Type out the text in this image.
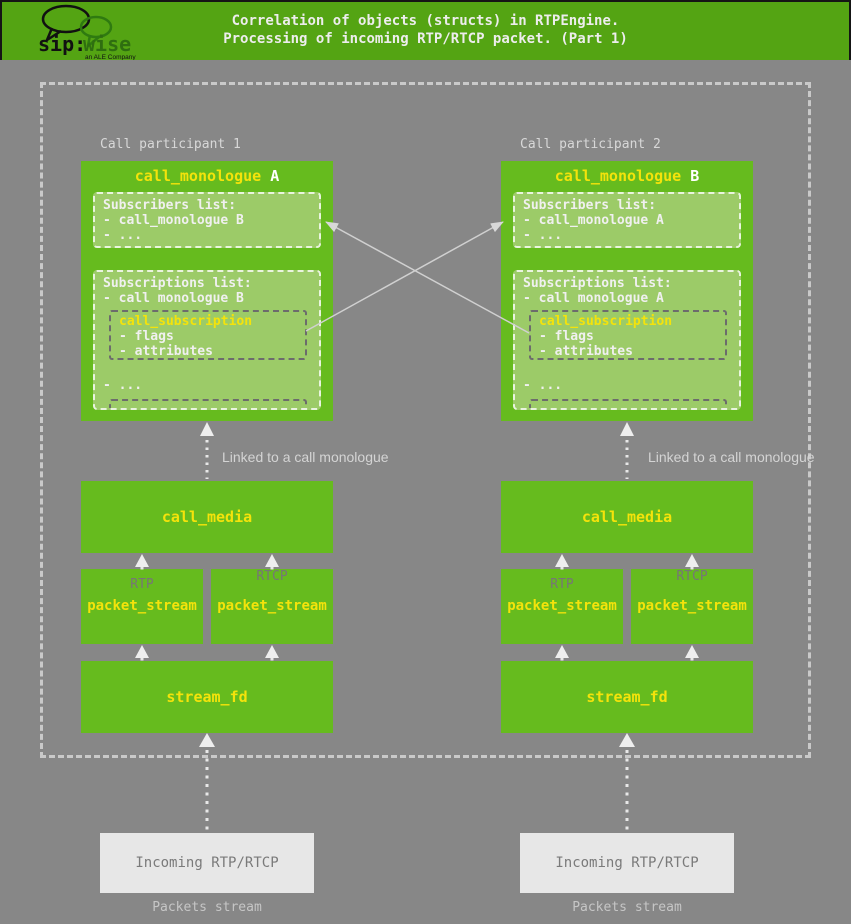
sip:
wise
an ALE Company
Correlation of objects (structs) in RTPEngine.
Processing of incoming RTP/RTCP packet. (Part 1)
Call participant 1
call_monologue A
Subscribers list:
- call_monologue B
- ...
Subscriptions list:
- call monologue B
call_subscription
- flags
- attributes
- ...
Linked to a call monologue
call_media
RTP
packet_stream
RTCP
packet_stream
stream_fd
Incoming RTP/RTCP
Packets stream
Call participant 2
call_monologue B
Subscribers list:
- call_monologue A
- ...
Subscriptions list:
- call monologue A
call_subscription
- flags
- attributes
- ...
Linked to a call monologue
call_media
RTP
packet_stream
RTCP
packet_stream
stream_fd
Incoming RTP/RTCP
Packets stream
